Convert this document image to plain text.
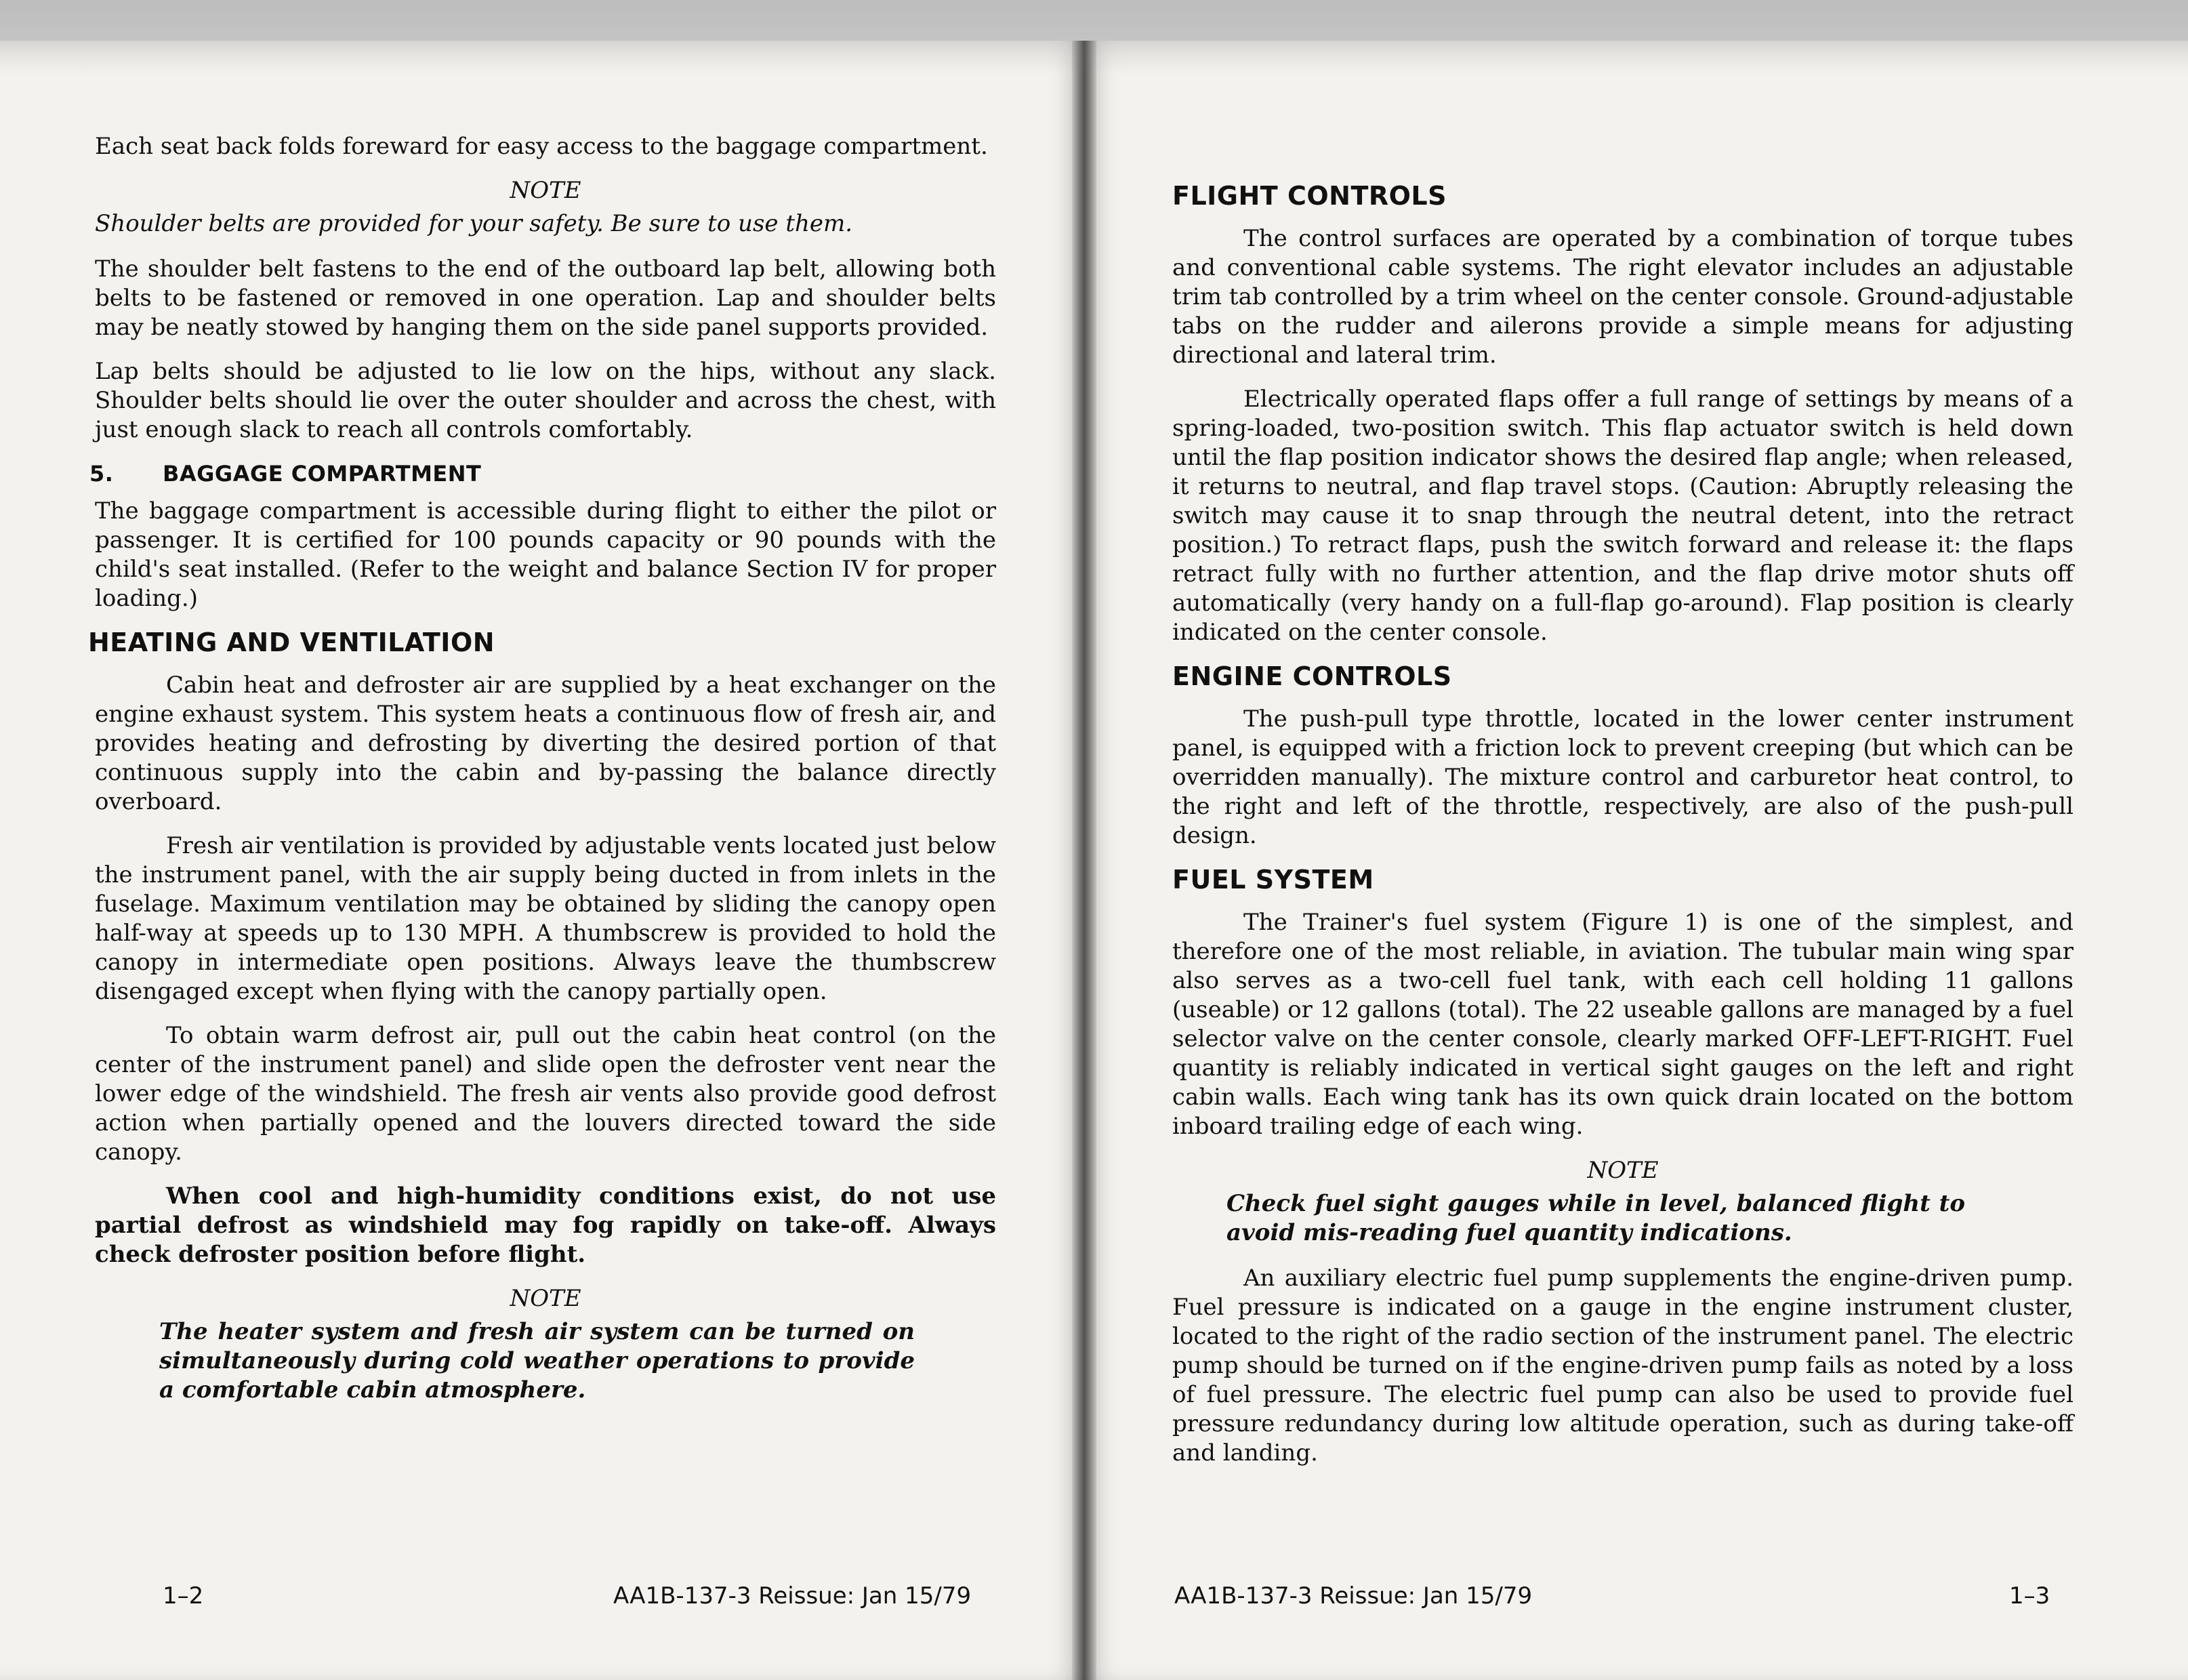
Each seat back folds foreward for easy access to the baggage compartment.

NOTE

Shoulder belts are provided for your safety. Be sure to use them.

The shoulder belt fastens to the end of the outboard lap belt, allowing both belts to be fastened or removed in one operation. Lap and shoulder belts may be neatly stowed by hanging them on the side panel supports provided.

Lap belts should be adjusted to lie low on the hips, without any slack. Shoulder belts should lie over the outer shoulder and across the chest, with just enough slack to reach all controls comfortably.

5. BAGGAGE COMPARTMENT

The baggage compartment is accessible during flight to either the pilot or passenger. It is certified for 100 pounds capacity or 90 pounds with the child's seat installed. (Refer to the weight and balance Section IV for proper loading.)

HEATING AND VENTILATION

Cabin heat and defroster air are supplied by a heat exchanger on the engine exhaust system. This system heats a continuous flow of fresh air, and provides heating and defrosting by diverting the desired portion of that continuous supply into the cabin and by-passing the balance directly overboard.

Fresh air ventilation is provided by adjustable vents located just below the instrument panel, with the air supply being ducted in from inlets in the fuselage. Maximum ventilation may be obtained by sliding the canopy open half-way at speeds up to 130 MPH. A thumbscrew is provided to hold the canopy in intermediate open positions. Always leave the thumbscrew disengaged except when flying with the canopy partially open.

To obtain warm defrost air, pull out the cabin heat control (on the center of the instrument panel) and slide open the defroster vent near the lower edge of the windshield. The fresh air vents also provide good defrost action when partially opened and the louvers directed toward the side canopy.

When cool and high-humidity conditions exist, do not use partial defrost as windshield may fog rapidly on take-off. Always check defroster position before flight.

NOTE

The heater system and fresh air system can be turned on simultaneously during cold weather operations to provide a comfortable cabin atmosphere.

1–2	AA1B-137-3 Reissue: Jan 15/79
FLIGHT CONTROLS

The control surfaces are operated by a combination of torque tubes and conventional cable systems. The right elevator includes an adjustable trim tab controlled by a trim wheel on the center console. Ground-adjustable tabs on the rudder and ailerons provide a simple means for adjusting directional and lateral trim.

Electrically operated flaps offer a full range of settings by means of a spring-loaded, two-position switch. This flap actuator switch is held down until the flap position indicator shows the desired flap angle; when released, it returns to neutral, and flap travel stops. (Caution: Abruptly releasing the switch may cause it to snap through the neutral detent, into the retract position.) To retract flaps, push the switch forward and release it: the flaps retract fully with no further attention, and the flap drive motor shuts off automatically (very handy on a full-flap go-around). Flap position is clearly indicated on the center console.

ENGINE CONTROLS

The push-pull type throttle, located in the lower center instrument panel, is equipped with a friction lock to prevent creeping (but which can be overridden manually). The mixture control and carburetor heat control, to the right and left of the throttle, respectively, are also of the push-pull design.

FUEL SYSTEM

The Trainer's fuel system (Figure 1) is one of the simplest, and therefore one of the most reliable, in aviation. The tubular main wing spar also serves as a two-cell fuel tank, with each cell holding 11 gallons (useable) or 12 gallons (total). The 22 useable gallons are managed by a fuel selector valve on the center console, clearly marked OFF-LEFT-RIGHT. Fuel quantity is reliably indicated in vertical sight gauges on the left and right cabin walls. Each wing tank has its own quick drain located on the bottom inboard trailing edge of each wing.

NOTE

Check fuel sight gauges while in level, balanced flight to avoid mis-reading fuel quantity indications.

An auxiliary electric fuel pump supplements the engine-driven pump. Fuel pressure is indicated on a gauge in the engine instrument cluster, located to the right of the radio section of the instrument panel. The electric pump should be turned on if the engine-driven pump fails as noted by a loss of fuel pressure. The electric fuel pump can also be used to provide fuel pressure redundancy during low altitude operation, such as during take-off and landing.

AA1B-137-3 Reissue: Jan 15/79	1–3
